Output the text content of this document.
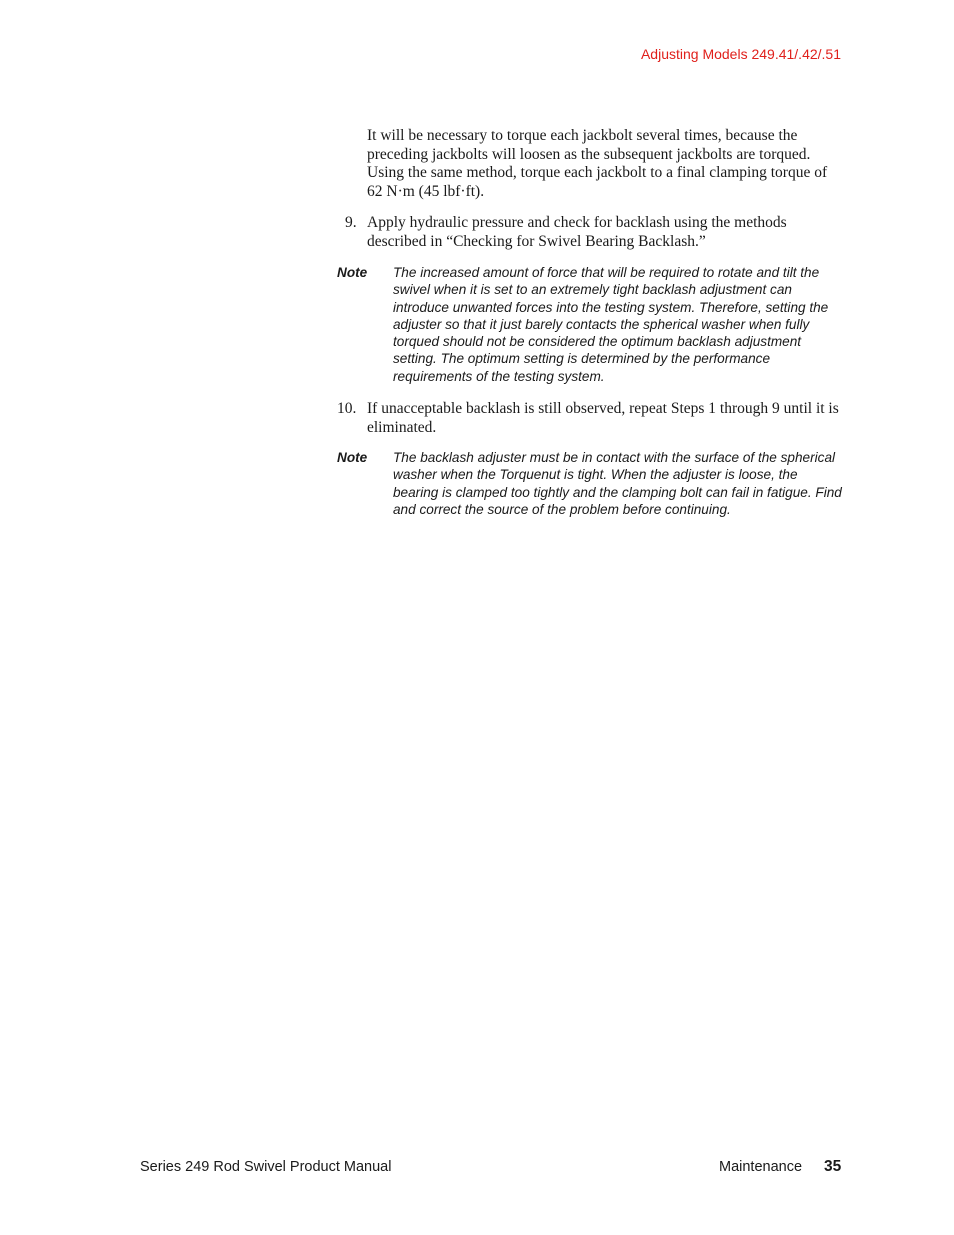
Adjusting Models 249.41/.42/.51

It will be necessary to torque each jackbolt several times, because the preceding jackbolts will loosen as the subsequent jackbolts are torqued. Using the same method, torque each jackbolt to a final clamping torque of 62 N·m (45 lbf·ft).

9. Apply hydraulic pressure and check for backlash using the methods described in “Checking for Swivel Bearing Backlash.”

Note The increased amount of force that will be required to rotate and tilt the swivel when it is set to an extremely tight backlash adjustment can introduce unwanted forces into the testing system. Therefore, setting the adjuster so that it just barely contacts the spherical washer when fully torqued should not be considered the optimum backlash adjustment setting. The optimum setting is determined by the performance requirements of the testing system.

10. If unacceptable backlash is still observed, repeat Steps 1 through 9 until it is eliminated.

Note The backlash adjuster must be in contact with the surface of the spherical washer when the Torquenut is tight. When the adjuster is loose, the bearing is clamped too tightly and the clamping bolt can fail in fatigue. Find and correct the source of the problem before continuing.

Series 249 Rod Swivel Product Manual	Maintenance 35
